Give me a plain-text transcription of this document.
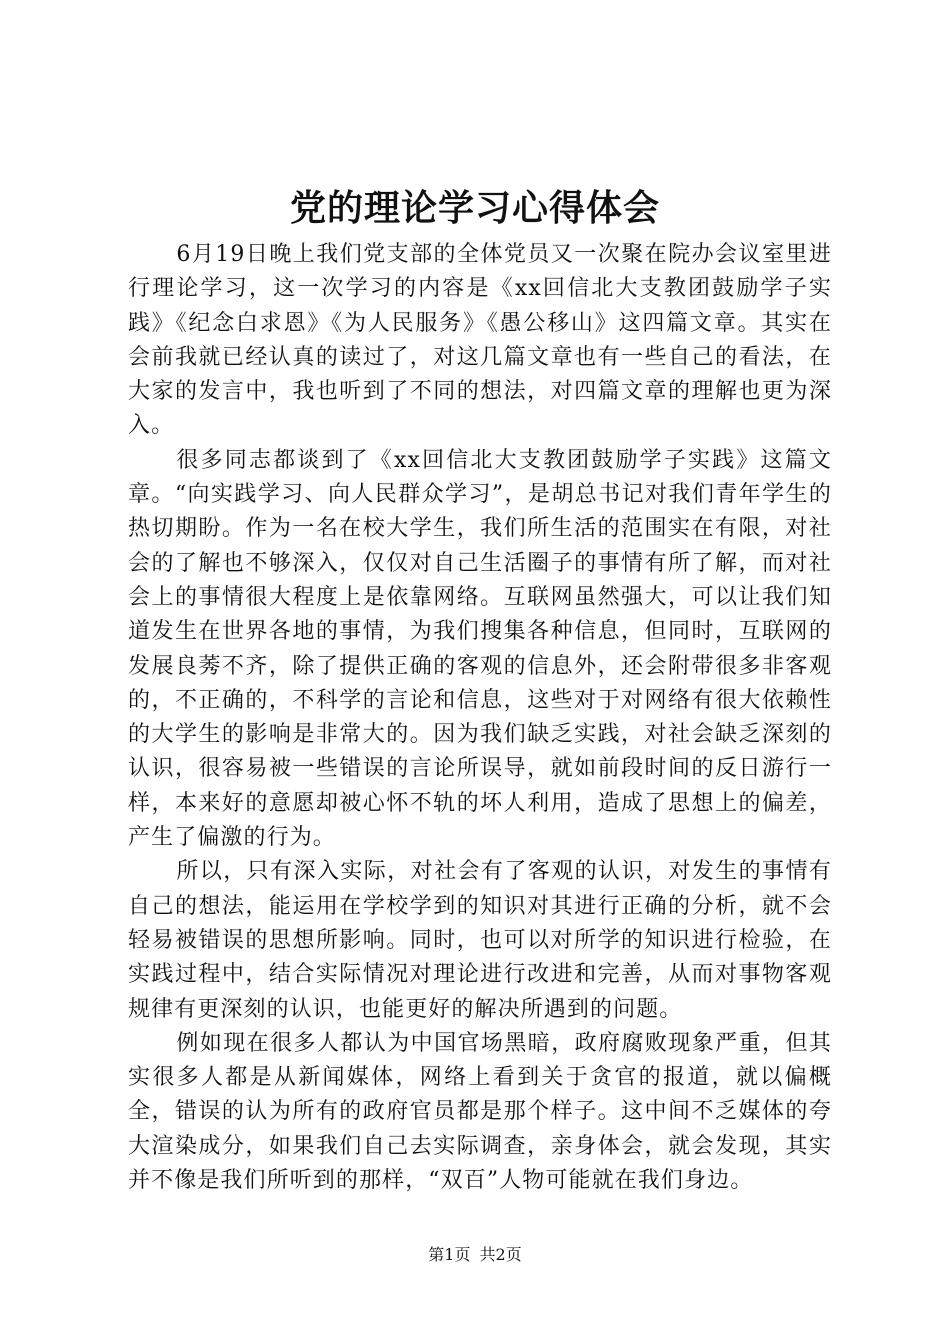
党的理论学习心得体会

6月19日晚上我们党支部的全体党员又一次聚在院办会议室里进行理论学习，这一次学习的内容是《xx回信北大支教团鼓励学子实践》《纪念白求恩》《为人民服务》《愚公移山》这四篇文章。其实在会前我就已经认真的读过了，对这几篇文章也有一些自己的看法，在大家的发言中，我也听到了不同的想法，对四篇文章的理解也更为深入。

很多同志都谈到了《xx回信北大支教团鼓励学子实践》这篇文章。“向实践学习、向人民群众学习”，是胡总书记对我们青年学生的热切期盼。作为一名在校大学生，我们所生活的范围实在有限，对社会的了解也不够深入，仅仅对自己生活圈子的事情有所了解，而对社会上的事情很大程度上是依靠网络。互联网虽然强大，可以让我们知道发生在世界各地的事情，为我们搜集各种信息，但同时，互联网的发展良莠不齐，除了提供正确的客观的信息外，还会附带很多非客观的，不正确的，不科学的言论和信息，这些对于对网络有很大依赖性的大学生的影响是非常大的。因为我们缺乏实践，对社会缺乏深刻的认识，很容易被一些错误的言论所误导，就如前段时间的反日游行一样，本来好的意愿却被心怀不轨的坏人利用，造成了思想上的偏差，产生了偏激的行为。

所以，只有深入实际，对社会有了客观的认识，对发生的事情有自己的想法，能运用在学校学到的知识对其进行正确的分析，就不会轻易被错误的思想所影响。同时，也可以对所学的知识进行检验，在实践过程中，结合实际情况对理论进行改进和完善，从而对事物客观规律有更深刻的认识，也能更好的解决所遇到的问题。

例如现在很多人都认为中国官场黑暗，政府腐败现象严重，但其实很多人都是从新闻媒体，网络上看到关于贪官的报道，就以偏概全，错误的认为所有的政府官员都是那个样子。这中间不乏媒体的夸大渲染成分，如果我们自己去实际调查，亲身体会，就会发现，其实并不像是我们所听到的那样，“双百”人物可能就在我们身边。

第1页 共2页
